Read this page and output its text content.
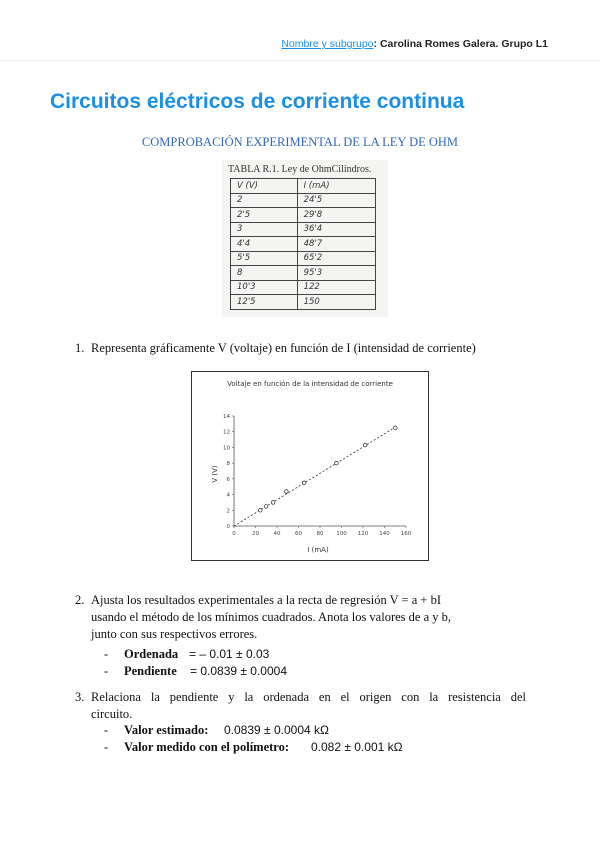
Nombre y subgrupo: Carolina Romes Galera. Grupo L1
Circuitos eléctricos de corriente continua
COMPROBACIÓN EXPERIMENTAL DE LA LEY DE OHM
TABLA R.1. Ley de OhmCilindros.
V (V)	I (mA)
2	24'5
2'5	29'8
3	36'4
4'4	48'7
5'5	65'2
8	95'3
10'3	122
12'5	150
1. Representa gráficamente V (voltaje) en función de I (intensidad de corriente)
Voltaje en función de la intensidad de corriente
I (mA)
V (V)
0	20	40	60	80 100 120 140 160
0
2
4
6
8
10
12
14
2. Ajusta los resultados experimentales a la recta de regresión V = a + bI
usando el método de los mínimos cuadrados. Anota los valores de a y b,
junto con sus respectivos errores.
- Ordenada = – 0.01 ± 0.03
- Pendiente = 0.0839 ± 0.0004
3. Relaciona la pendiente y la ordenada en el origen con la resistencia del
circuito.
- Valor estimado: 0.0839 ± 0.0004 kΩ
- Valor medido con el polímetro: 0.082 ± 0.001 kΩ
